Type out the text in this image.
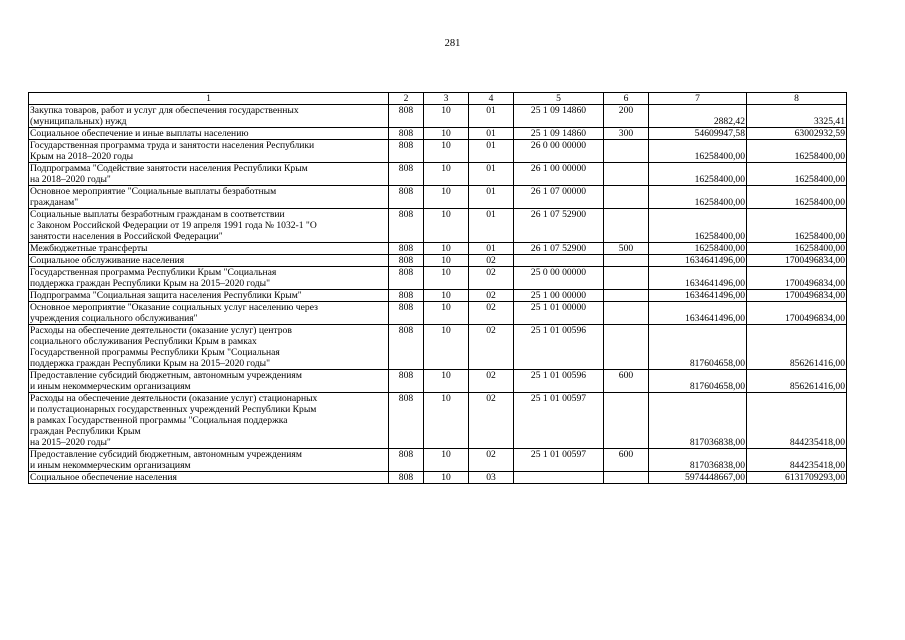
281
1	2	3	4	5	6	7	8
Закупка товаров, работ и услуг для обеспечения государственных
(муниципальных) нужд	808	10	01	25 1 09 14860	200	2882,42	3325,41
Социальное обеспечение и иные выплаты населению	808	10	01	25 1 09 14860	300	54609947,58	63002932,59
Государственная программа труда и занятости населения Республики
Крым на 2018–2020 годы	808	10	01	26 0 00 00000		16258400,00	16258400,00
Подпрограмма "Содействие занятости населения Республики Крым
на 2018–2020 годы"	808	10	01	26 1 00 00000		16258400,00	16258400,00
Основное мероприятие "Социальные выплаты безработным
гражданам"	808	10	01	26 1 07 00000		16258400,00	16258400,00
Социальные выплаты безработным гражданам в соответствии
с Законом Российской Федерации от 19 апреля 1991 года № 1032-1 "О
занятости населения в Российской Федерации"	808	10	01	26 1 07 52900		16258400,00	16258400,00
Межбюджетные трансферты	808	10	01	26 1 07 52900	500	16258400,00	16258400,00
Социальное обслуживание населения	808	10	02			1634641496,00	1700496834,00
Государственная программа Республики Крым "Социальная
поддержка граждан Республики Крым на 2015–2020 годы"	808	10	02	25 0 00 00000		1634641496,00	1700496834,00
Подпрограмма "Социальная защита населения Республики Крым"	808	10	02	25 1 00 00000		1634641496,00	1700496834,00
Основное мероприятие "Оказание социальных услуг населению через
учреждения социального обслуживания"	808	10	02	25 1 01 00000		1634641496,00	1700496834,00
Расходы на обеспечение деятельности (оказание услуг) центров
социального обслуживания Республики Крым в рамках
Государственной программы Республики Крым "Социальная
поддержка граждан Республики Крым на 2015–2020 годы"	808	10	02	25 1 01 00596		817604658,00	856261416,00
Предоставление субсидий бюджетным, автономным учреждениям
и иным некоммерческим организациям	808	10	02	25 1 01 00596	600	817604658,00	856261416,00
Расходы на обеспечение деятельности (оказание услуг) стационарных
и полустационарных государственных учреждений Республики Крым
в рамках Государственной программы "Социальная поддержка
граждан Республики Крым
на 2015–2020 годы"	808	10	02	25 1 01 00597		817036838,00	844235418,00
Предоставление субсидий бюджетным, автономным учреждениям
и иным некоммерческим организациям	808	10	02	25 1 01 00597	600	817036838,00	844235418,00
Социальное обеспечение населения	808	10	03			5974448667,00	6131709293,00
